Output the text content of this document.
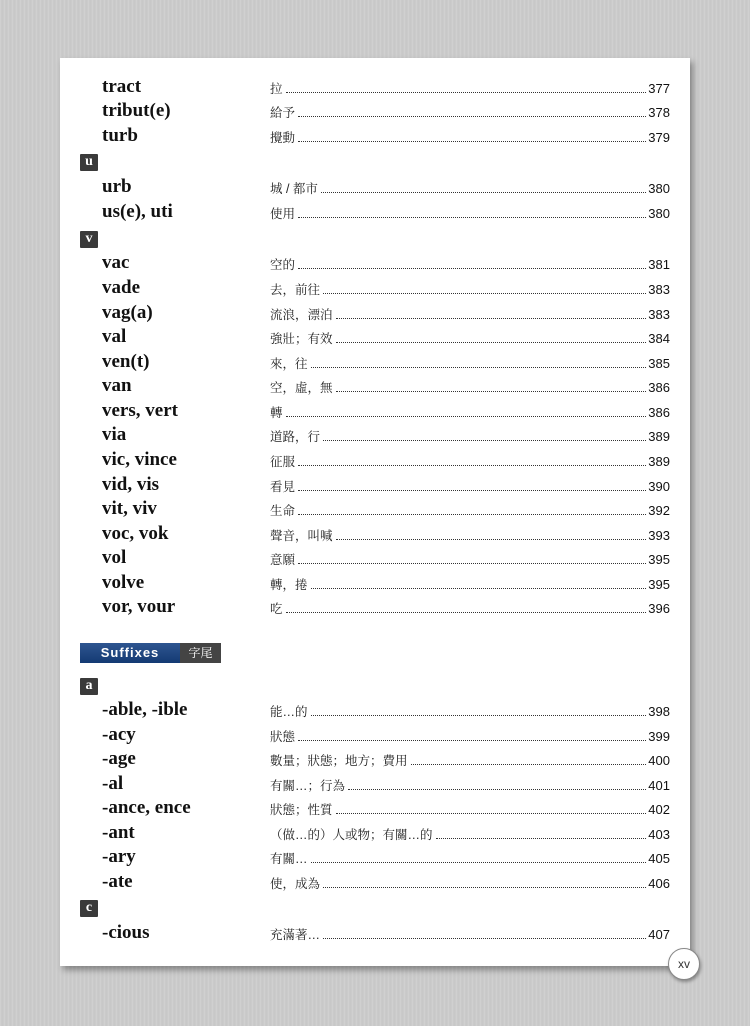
tract	拉	377
tribut(e)	給予	378
turb	攪動	379
u
urb	城 / 都市	380
us(e), uti	使用	380
v
vac	空的	381
vade	去，前往	383
vag(a)	流浪，漂泊	383
val	強壯；有效	384
ven(t)	來，往	385
van	空，虛，無	386
vers, vert	轉	386
via	道路，行	389
vic, vince	征服	389
vid, vis	看見	390
vit, viv	生命	392
voc, vok	聲音，叫喊	393
vol	意願	395
volve	轉，捲	395
vor, vour	吃	396
Suffixes	字尾
a
-able, -ible	能…的	398
-acy	狀態	399
-age	數量；狀態；地方；費用	400
-al	有關…；行為	401
-ance, ence	狀態；性質	402
-ant	（做…的）人或物；有關…的	403
-ary	有關…	405
-ate	使，成為	406
c
-cious	充滿著…	407
xv
